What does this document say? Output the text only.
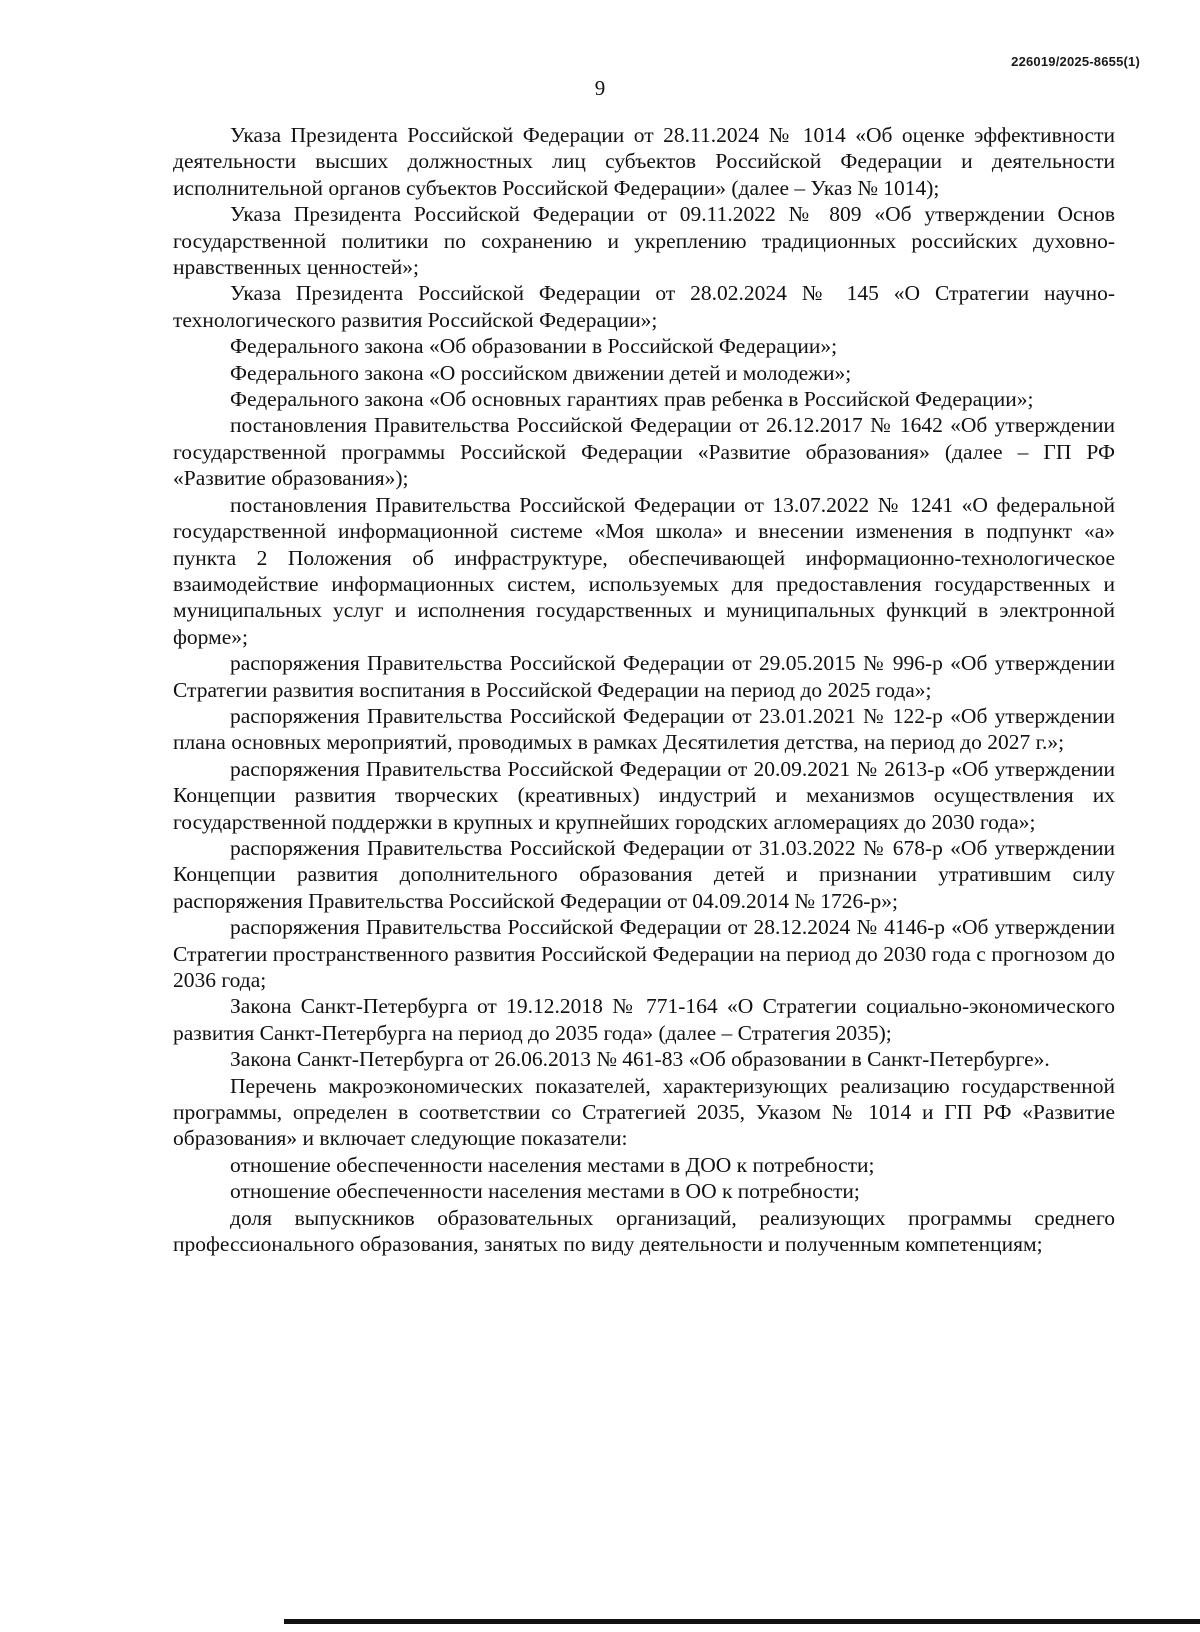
226019/2025-8655(1)
9

Указа Президента Российской Федерации от 28.11.2024 № 1014 «Об оценке эффективности деятельности высших должностных лиц субъектов Российской Федерации и деятельности исполнительной органов субъектов Российской Федерации» (далее – Указ № 1014);

Указа Президента Российской Федерации от 09.11.2022 № 809 «Об утверждении Основ государственной политики по сохранению и укреплению традиционных российских духовно-нравственных ценностей»;

Указа Президента Российской Федерации от 28.02.2024 № 145 «О Стратегии научно-технологического развития Российской Федерации»;

Федерального закона «Об образовании в Российской Федерации»;

Федерального закона «О российском движении детей и молодежи»;

Федерального закона «Об основных гарантиях прав ребенка в Российской Федерации»;

постановления Правительства Российской Федерации от 26.12.2017 № 1642 «Об утверждении государственной программы Российской Федерации «Развитие образования» (далее – ГП РФ «Развитие образования»);

постановления Правительства Российской Федерации от 13.07.2022 № 1241 «О федеральной государственной информационной системе «Моя школа» и внесении изменения в подпункт «а» пункта 2 Положения об инфраструктуре, обеспечивающей информационно-технологическое взаимодействие информационных систем, используемых для предоставления государственных и муниципальных услуг и исполнения государственных и муниципальных функций в электронной форме»;

распоряжения Правительства Российской Федерации от 29.05.2015 № 996-р «Об утверждении Стратегии развития воспитания в Российской Федерации на период до 2025 года»;

распоряжения Правительства Российской Федерации от 23.01.2021 № 122-р «Об утверждении плана основных мероприятий, проводимых в рамках Десятилетия детства, на период до 2027 г.»;

распоряжения Правительства Российской Федерации от 20.09.2021 № 2613-р «Об утверждении Концепции развития творческих (креативных) индустрий и механизмов осуществления их государственной поддержки в крупных и крупнейших городских агломерациях до 2030 года»;

распоряжения Правительства Российской Федерации от 31.03.2022 № 678-р «Об утверждении Концепции развития дополнительного образования детей и признании утратившим силу распоряжения Правительства Российской Федерации от 04.09.2014 № 1726-р»;

распоряжения Правительства Российской Федерации от 28.12.2024 № 4146-р «Об утверждении Стратегии пространственного развития Российской Федерации на период до 2030 года с прогнозом до 2036 года;

Закона Санкт-Петербурга от 19.12.2018 № 771-164 «О Стратегии социально-экономического развития Санкт-Петербурга на период до 2035 года» (далее – Стратегия 2035);

Закона Санкт-Петербурга от 26.06.2013 № 461-83 «Об образовании в Санкт-Петербурге».

Перечень макроэкономических показателей, характеризующих реализацию государственной программы, определен в соответствии со Стратегией 2035, Указом № 1014 и ГП РФ «Развитие образования» и включает следующие показатели:

отношение обеспеченности населения местами в ДОО к потребности;

отношение обеспеченности населения местами в ОО к потребности;

доля выпускников образовательных организаций, реализующих программы среднего профессионального образования, занятых по виду деятельности и полученным компетенциям;
